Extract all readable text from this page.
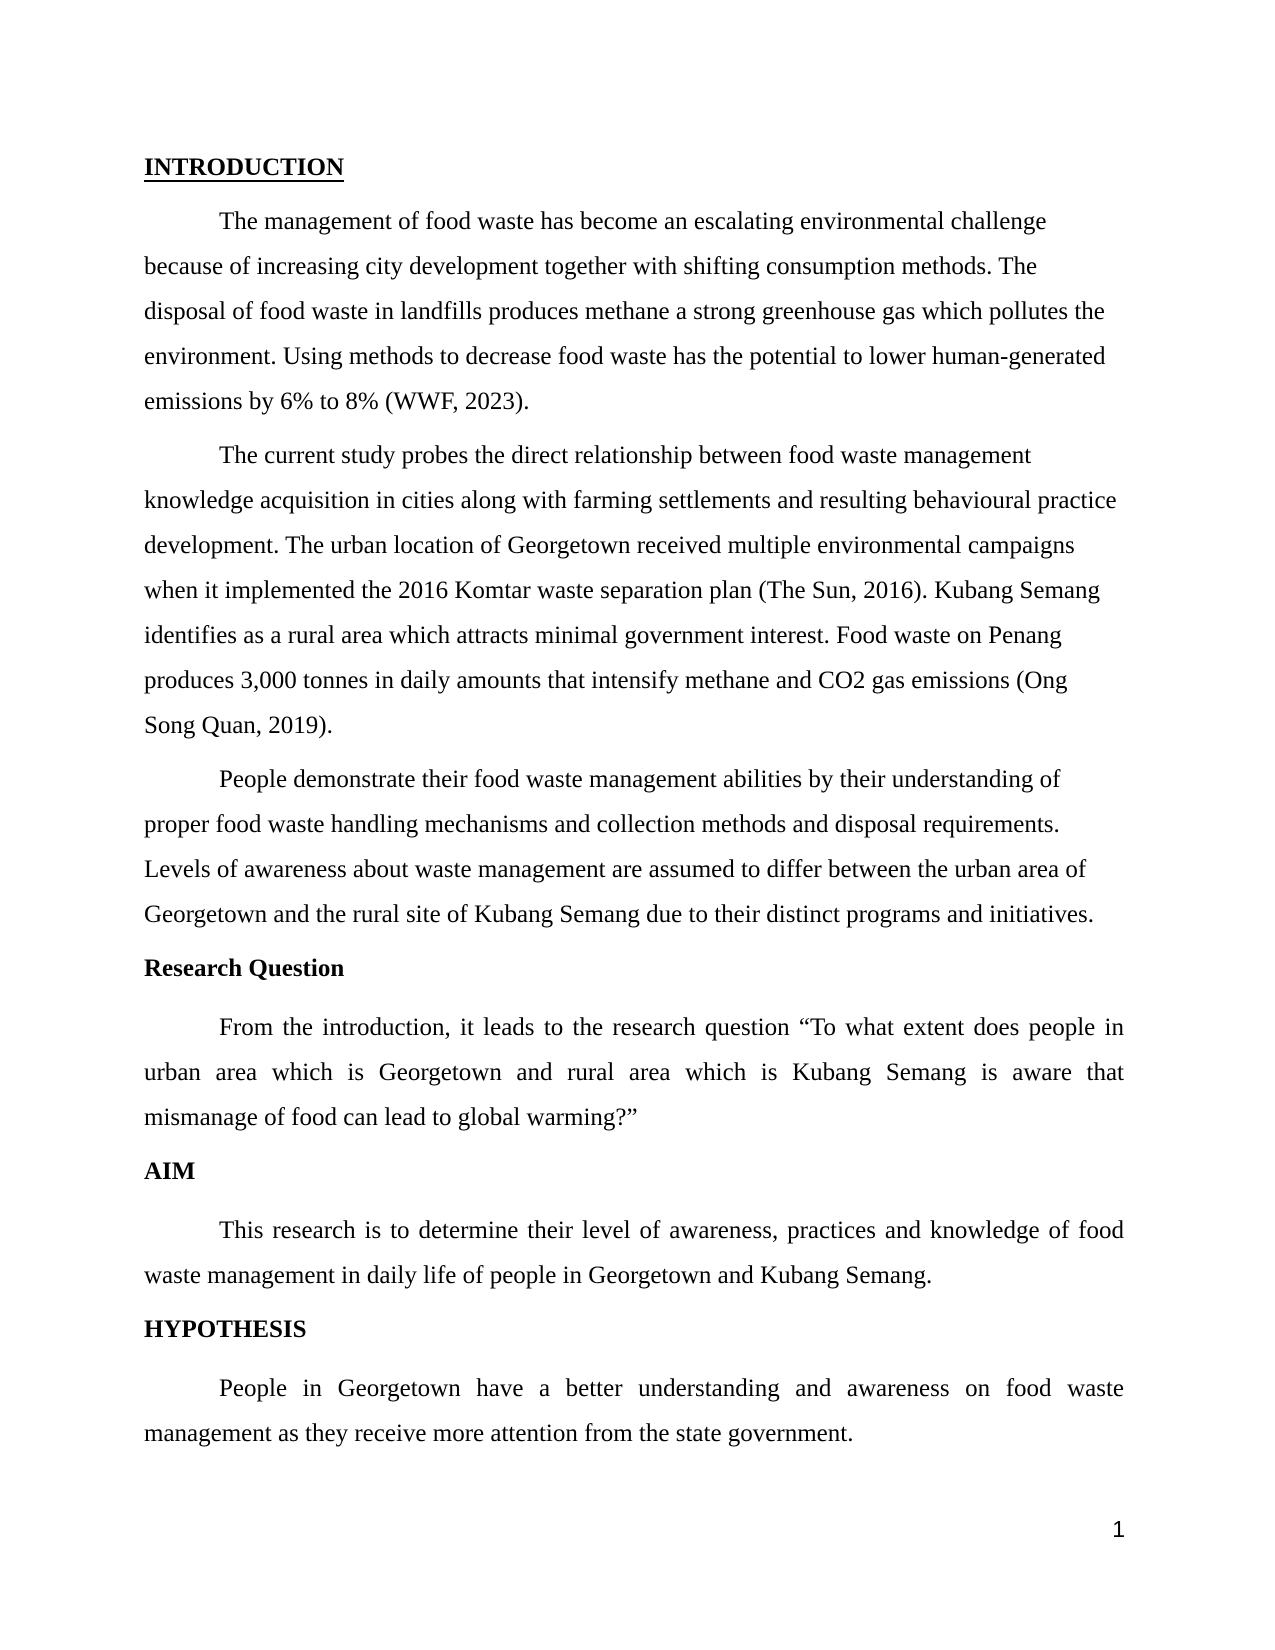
INTRODUCTION

The management of food waste has become an escalating environmental challenge because of increasing city development together with shifting consumption methods. The disposal of food waste in landfills produces methane a strong greenhouse gas which pollutes the environment. Using methods to decrease food waste has the potential to lower human-generated emissions by 6% to 8% (WWF, 2023).

The current study probes the direct relationship between food waste management knowledge acquisition in cities along with farming settlements and resulting behavioural practice development. The urban location of Georgetown received multiple environmental campaigns when it implemented the 2016 Komtar waste separation plan (The Sun, 2016). Kubang Semang identifies as a rural area which attracts minimal government interest. Food waste on Penang produces 3,000 tonnes in daily amounts that intensify methane and CO2 gas emissions (Ong Song Quan, 2019).

People demonstrate their food waste management abilities by their understanding of proper food waste handling mechanisms and collection methods and disposal requirements. Levels of awareness about waste management are assumed to differ between the urban area of Georgetown and the rural site of Kubang Semang due to their distinct programs and initiatives.

Research Question

From the introduction, it leads to the research question “To what extent does people in urban area which is Georgetown and rural area which is Kubang Semang is aware that mismanage of food can lead to global warming?”

AIM

This research is to determine their level of awareness, practices and knowledge of food waste management in daily life of people in Georgetown and Kubang Semang.

HYPOTHESIS

People in Georgetown have a better understanding and awareness on food waste management as they receive more attention from the state government.

1
